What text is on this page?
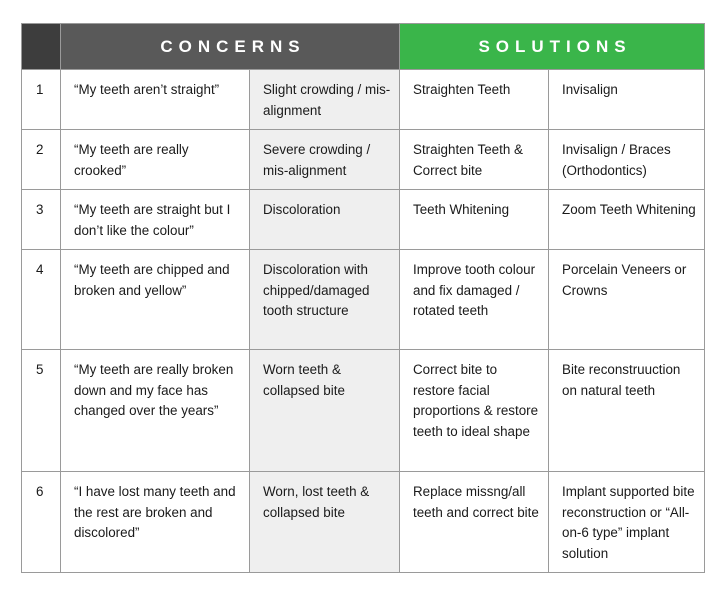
	CONCERNS		SOLUTIONS	
1	“My teeth aren’t straight”	Slight crowding / mis-alignment	Straighten Teeth	Invisalign
2	“My teeth are really crooked”	Severe crowding / mis-alignment	Straighten Teeth & Correct bite	Invisalign / Braces (Orthodontics)
3	“My teeth are straight but I don’t like the colour”	Discoloration	Teeth Whitening	Zoom Teeth Whitening
4	“My teeth are chipped and broken and yellow”	Discoloration with chipped/damaged tooth structure	Improve tooth colour and fix damaged / rotated teeth	Porcelain Veneers or Crowns
5	“My teeth are really broken down and my face has changed over the years”	Worn teeth & collapsed bite	Correct bite to restore facial proportions & restore teeth to ideal shape	Bite reconstruuction on natural teeth
6	“I have lost many teeth and the rest are broken and discolored”	Worn, lost teeth & collapsed bite	Replace missng/all teeth and correct bite	Implant supported bite reconstruction or “All-on-6 type” implant solution
